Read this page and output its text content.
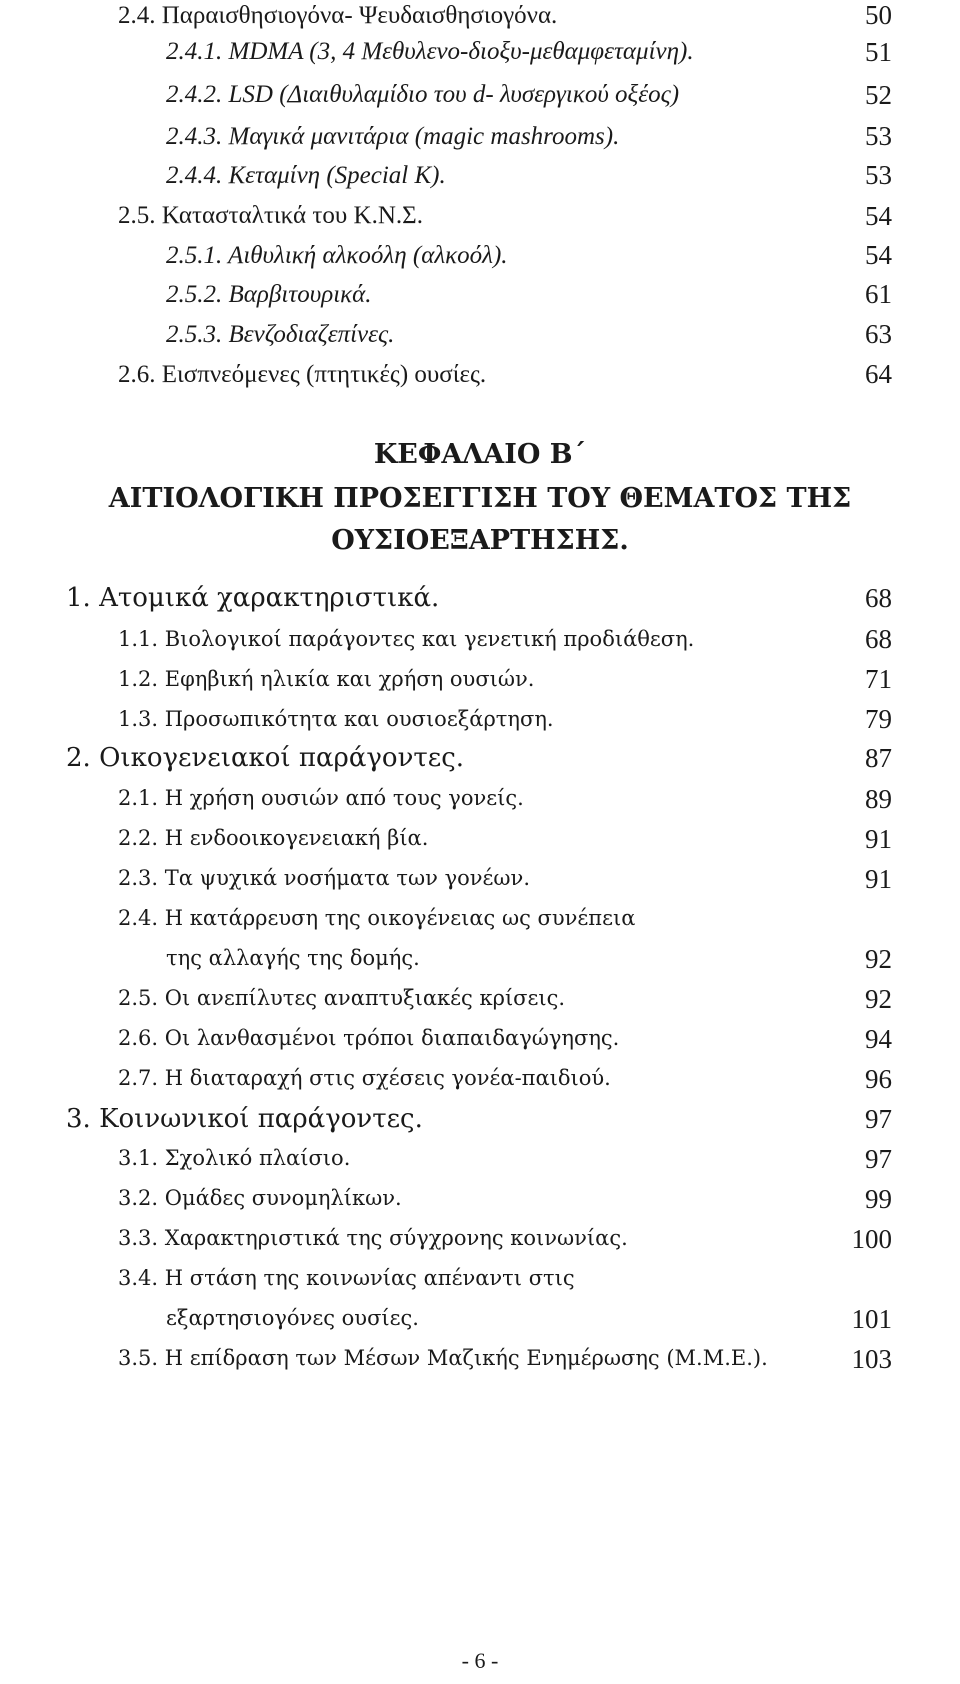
2.4. Παραισθησιογόνα- Ψευδαισθησιογόνα.	50
2.4.1. MDMA (3, 4 Μεθυλενο-διοξυ-μεθαμφεταμίνη).	51
2.4.2. LSD (Διαιθυλαμίδιο του d- λυσεργικού οξέος)	52
2.4.3. Μαγικά μανιτάρια (magic mashrooms).	53
2.4.4. Κεταμίνη (Special K).	53
2.5. Κατασταλτικά του Κ.Ν.Σ.	54
2.5.1. Αιθυλική αλκοόλη (αλκοόλ).	54
2.5.2. Βαρβιτουρικά.	61
2.5.3. Βενζοδιαζεπίνες.	63
2.6. Εισπνεόμενες (πτητικές) ουσίες.	64
ΚΕΦΑΛΑΙΟ Β΄
ΑΙΤΙΟΛΟΓΙΚΗ ΠΡΟΣΕΓΓΙΣΗ ΤΟΥ ΘΕΜΑΤΟΣ ΤΗΣ
ΟΥΣΙΟΕΞΑΡΤΗΣΗΣ.
1. Ατομικά χαρακτηριστικά.	68
1.1. Βιολογικοί παράγοντες και γενετική προδιάθεση.	68
1.2. Εφηβική ηλικία και χρήση ουσιών.	71
1.3. Προσωπικότητα και ουσιοεξάρτηση.	79
2. Οικογενειακοί παράγοντες.	87
2.1. Η χρήση ουσιών από τους γονείς.	89
2.2. Η ενδοοικογενειακή βία.	91
2.3. Τα ψυχικά νοσήματα των γονέων.	91
2.4. Η κατάρρευση της οικογένειας ως συνέπεια
της αλλαγής της δομής.	92
2.5. Οι ανεπίλυτες αναπτυξιακές κρίσεις.	92
2.6. Οι λανθασμένοι τρόποι διαπαιδαγώγησης.	94
2.7. Η διαταραχή στις σχέσεις γονέα-παιδιού.	96
3. Κοινωνικοί παράγοντες.	97
3.1. Σχολικό πλαίσιο.	97
3.2. Ομάδες συνομηλίκων.	99
3.3. Χαρακτηριστικά της σύγχρονης κοινωνίας.	100
3.4. Η στάση της κοινωνίας απέναντι στις
εξαρτησιογόνες ουσίες.	101
3.5. Η επίδραση των Μέσων Μαζικής Ενημέρωσης (Μ.Μ.Ε.).	103
- 6 -
